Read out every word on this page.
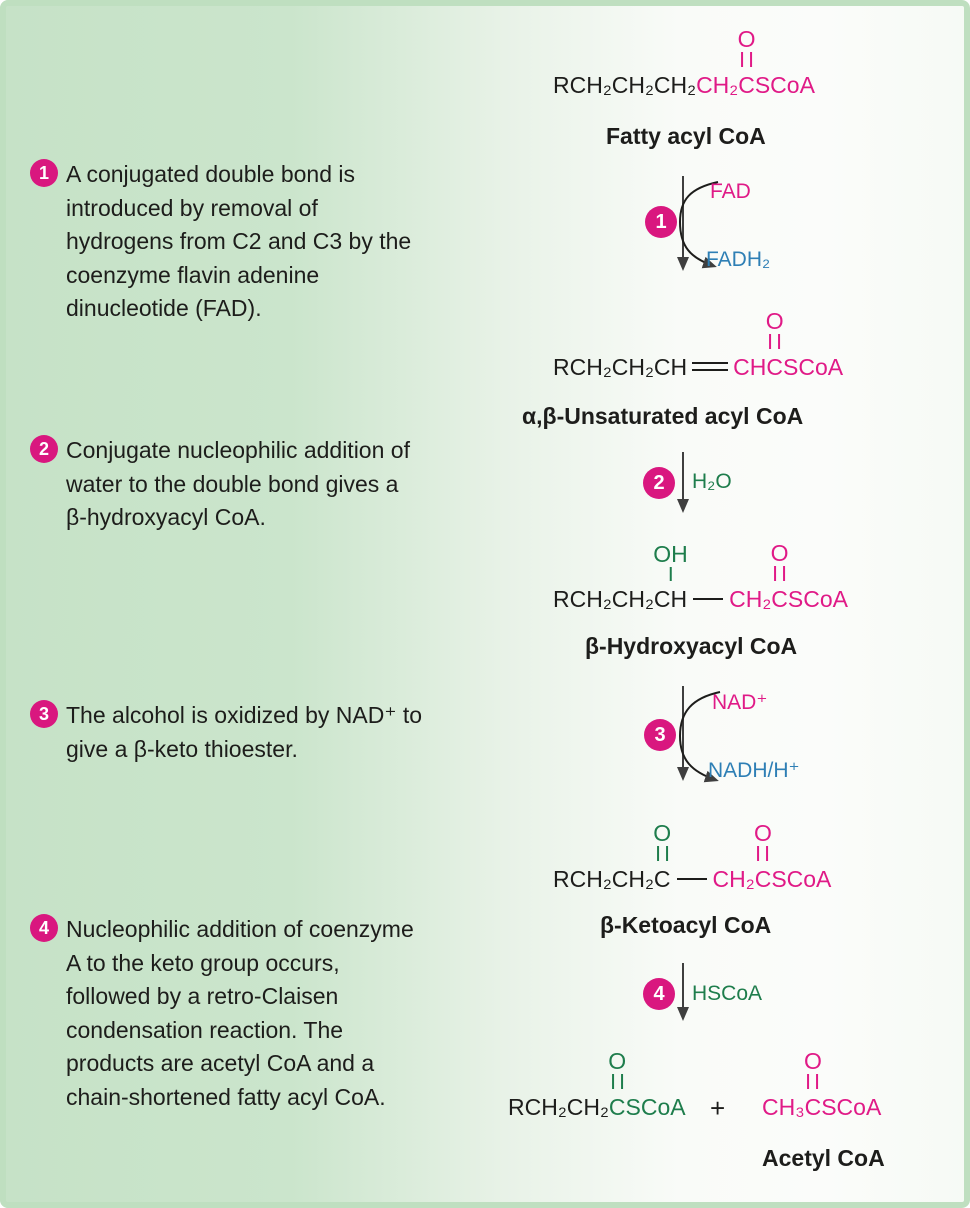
1 A conjugated double bond is
introduced by removal of
hydrogens from C2 and C3 by the
coenzyme flavin adenine
dinucleotide (FAD).
2 Conjugate nucleophilic addition of
water to the double bond gives a
β-hydroxyacyl CoA.
3 The alcohol is oxidized by NAD⁺ to
give a β-keto thioester.
4 Nucleophilic addition of coenzyme
A to the keto group occurs,
followed by a retro-Claisen
condensation reaction. The
products are acetyl CoA and a
chain-shortened fatty acyl CoA.
RCH₂CH₂CH₂CH₂
O
CSCoA
Fatty acyl CoA
1
FAD
FADH₂
RCH₂CH₂CH CH
O
CSCoA
α,β-Unsaturated acyl CoA
2	H₂O
RCH₂CH₂
OH
CH CH₂
O
CSCoA
β-Hydroxyacyl CoA
3
NAD⁺
NADH/H⁺
RCH₂CH₂
O
C CH₂
O
CSCoA
β-Ketoacyl CoA
4	HSCoA
RCH₂CH₂
O
CSCoA + CH₃
O
CSCoA
Acetyl CoA
